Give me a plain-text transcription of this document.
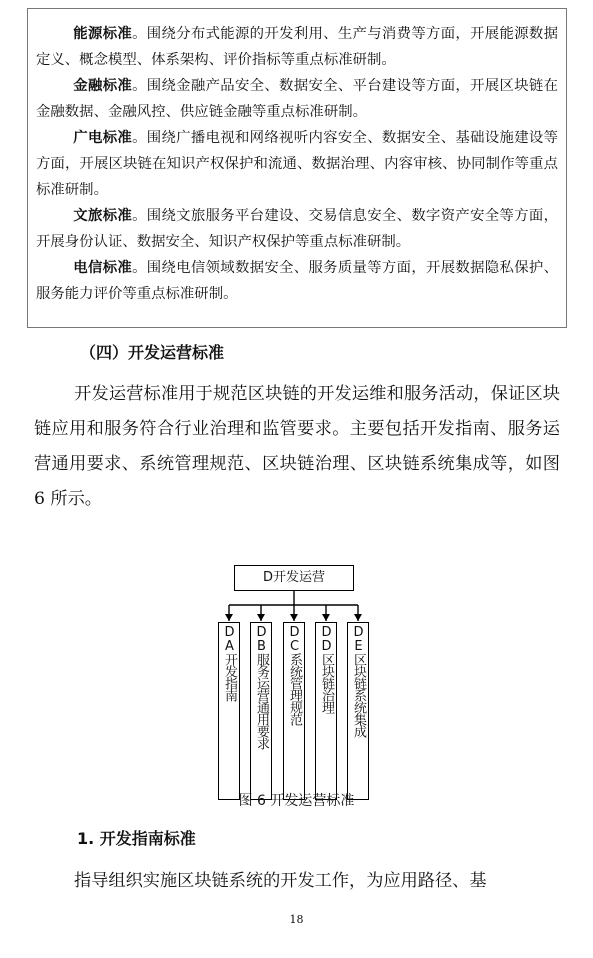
能源标准。围绕分布式能源的开发利用、生产与消费等方面，开展能源数据定义、概念模型、体系架构、评价指标等重点标准研制。

金融标准。围绕金融产品安全、数据安全、平台建设等方面，开展区块链在金融数据、金融风控、供应链金融等重点标准研制。

广电标准。围绕广播电视和网络视听内容安全、数据安全、基础设施建设等方面，开展区块链在知识产权保护和流通、数据治理、内容审核、协同制作等重点标准研制。

文旅标准。围绕文旅服务平台建设、交易信息安全、数字资产安全等方面，开展身份认证、数据安全、知识产权保护等重点标准研制。

电信标准。围绕电信领域数据安全、服务质量等方面，开展数据隐私保护、服务能力评价等重点标准研制。

（四）开发运营标准

开发运营标准用于规范区块链的开发运维和服务活动，保证区块链应用和服务符合行业治理和监管要求。主要包括开发指南、服务运营通用要求、系统管理规范、区块链治理、区块链系统集成等，如图 6 所示。

D开发运营
DA开发指南	DB服务运营通用要求	DC系统管理规范	DD区块链治理	DE区块链系统集成
图 6 开发运营标准
1. 开发指南标准
指导组织实施区块链系统的开发工作，为应用路径、基
18
